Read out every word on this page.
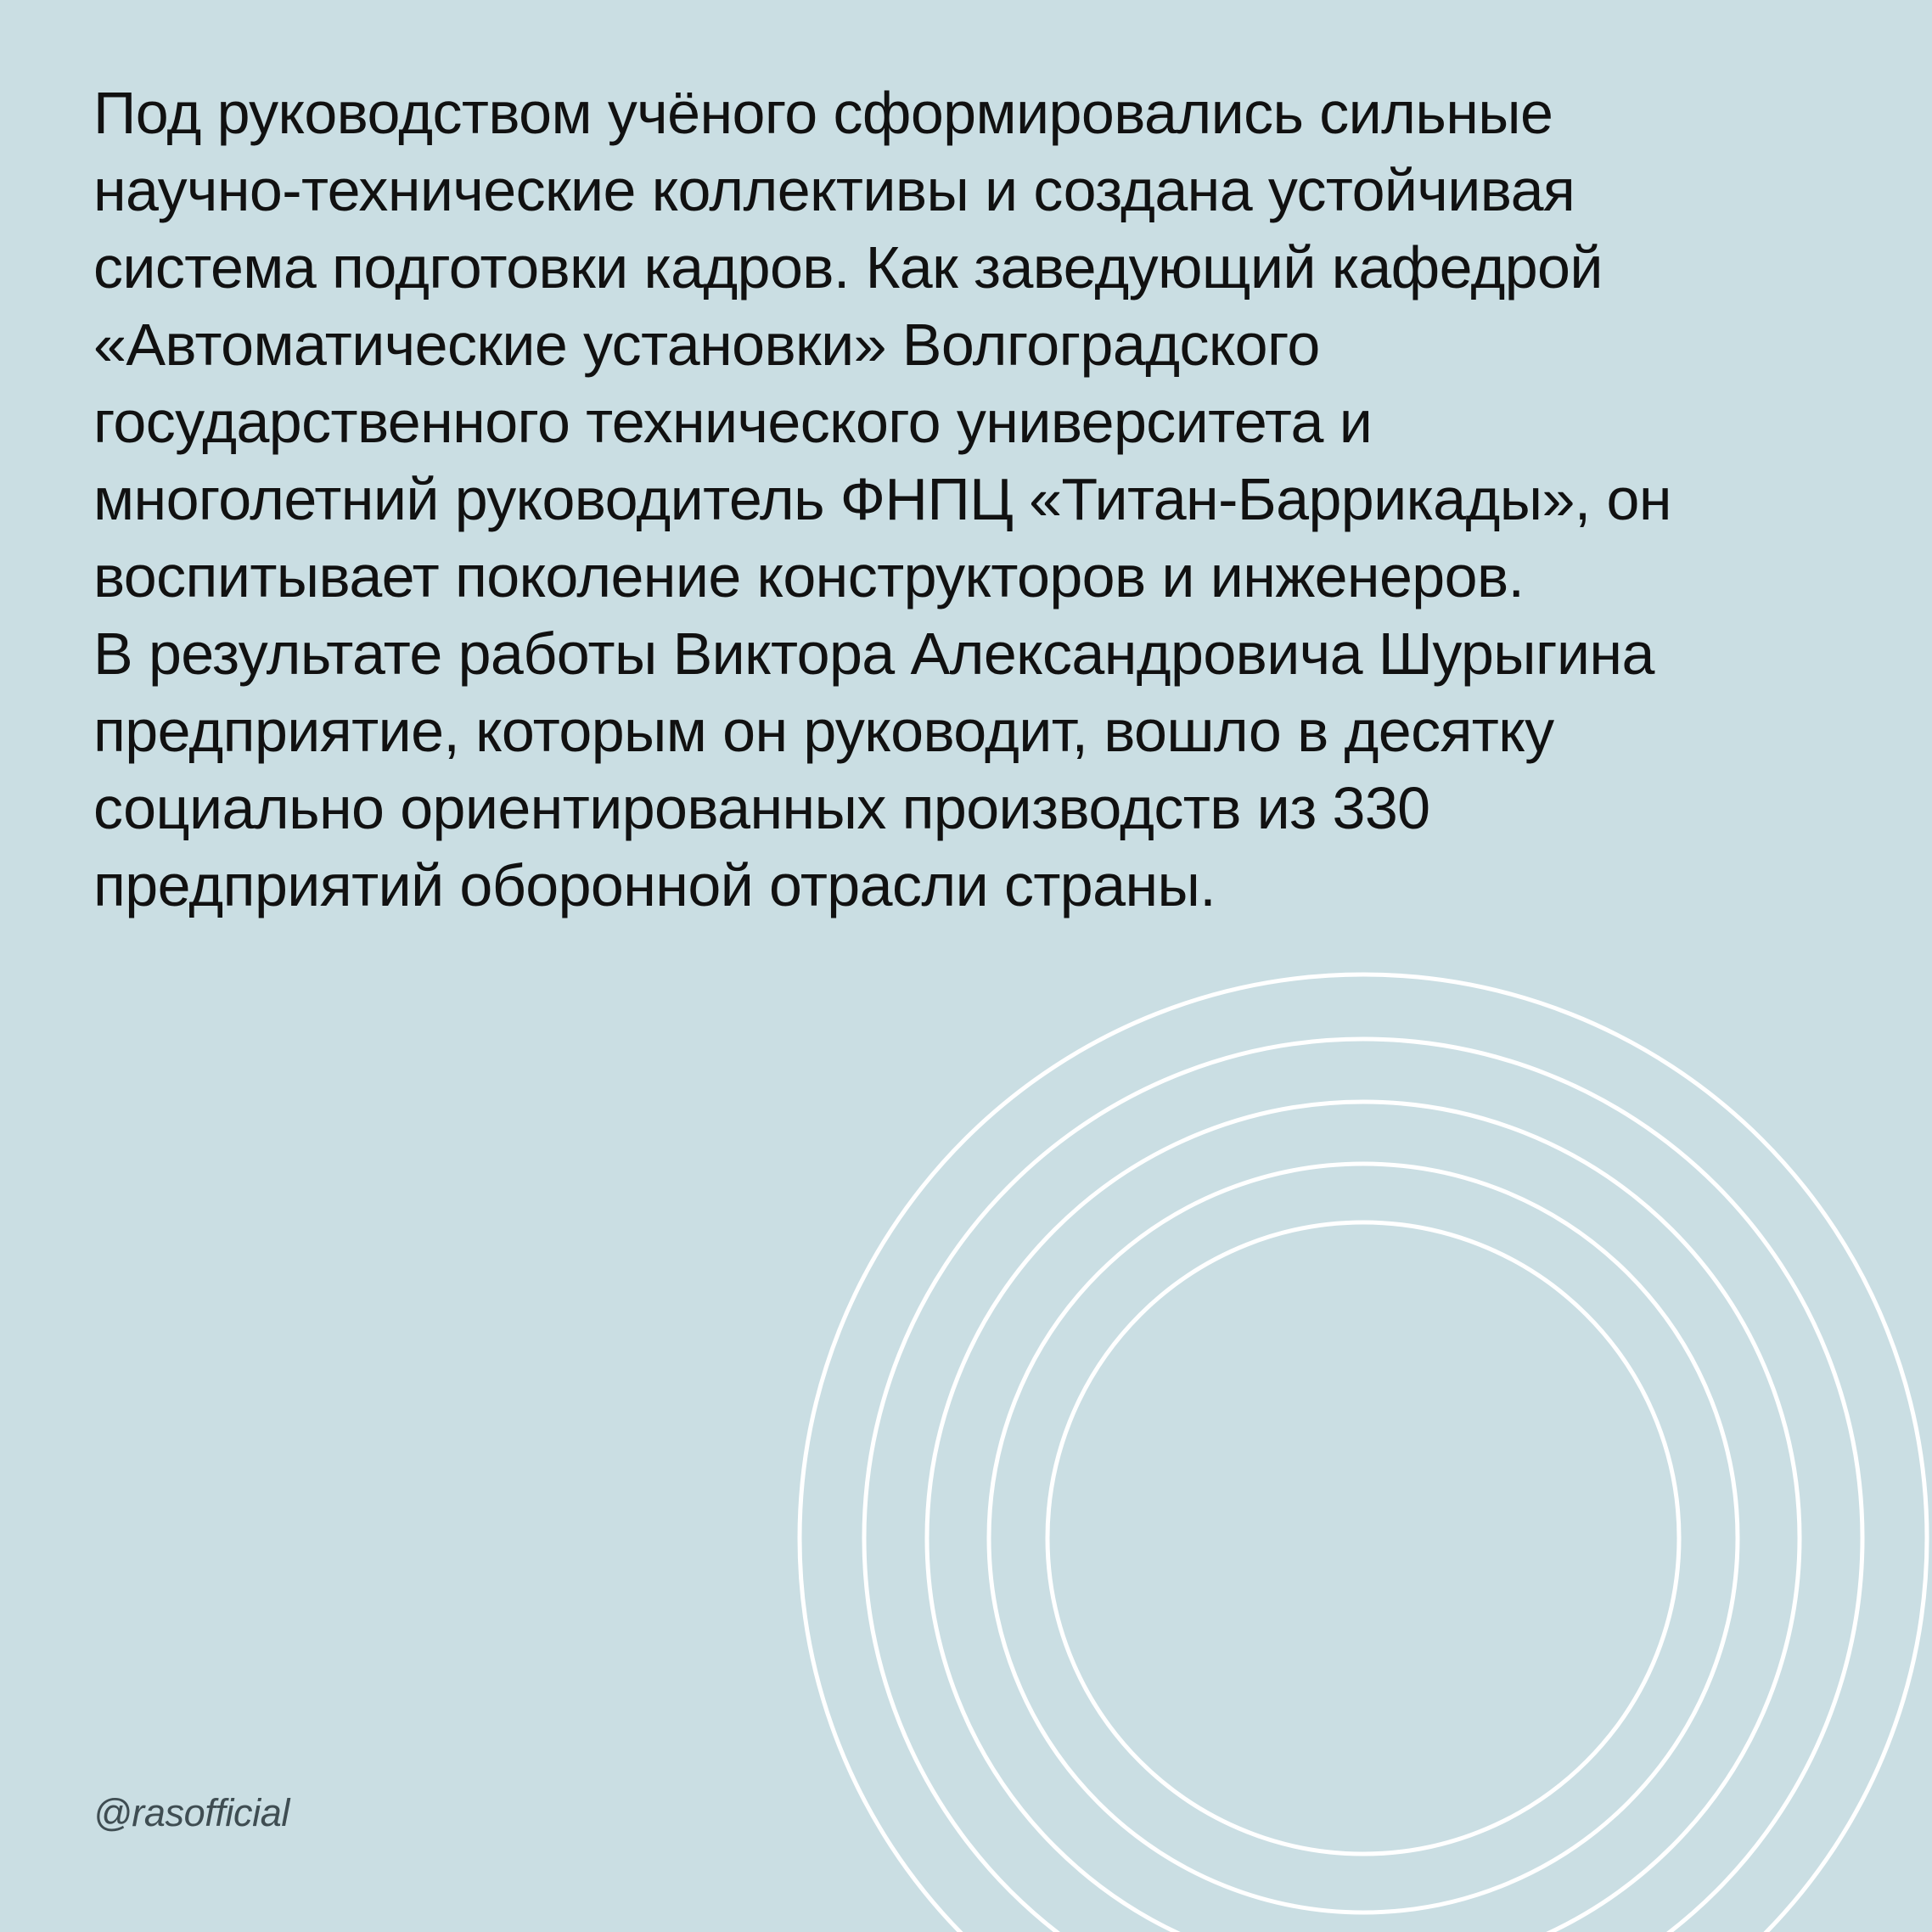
Под руководством учёного сформировались сильные
научно-технические коллективы и создана устойчивая
система подготовки кадров. Как заведующий кафедрой
«Автоматические установки» Волгоградского
государственного технического университета и
многолетний руководитель ФНПЦ «Титан-Баррикады», он
воспитывает поколение конструкторов и инженеров.
В результате работы Виктора Александровича Шурыгина
предприятие, которым он руководит, вошло в десятку
социально ориентированных производств из 330
предприятий оборонной отрасли страны.

@rasofficial
